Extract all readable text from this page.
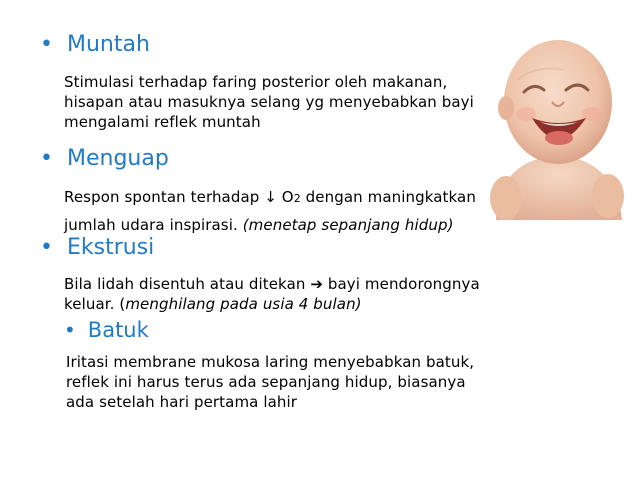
• Muntah
Stimulasi terhadap faring posterior oleh makanan,
hisapan atau masuknya selang yg menyebabkan bayi
mengalami reflek muntah
• Menguap
Respon spontan terhadap ↓ O2 dengan maningkatkan
jumlah udara inspirasi. (menetap sepanjang hidup)
• Ekstrusi
Bila lidah disentuh atau ditekan ➔ bayi mendorongnya
keluar. (menghilang pada usia 4 bulan)
• Batuk
Iritasi membrane mukosa laring menyebabkan batuk,
reflek ini harus terus ada sepanjang hidup, biasanya
ada setelah hari pertama lahir
